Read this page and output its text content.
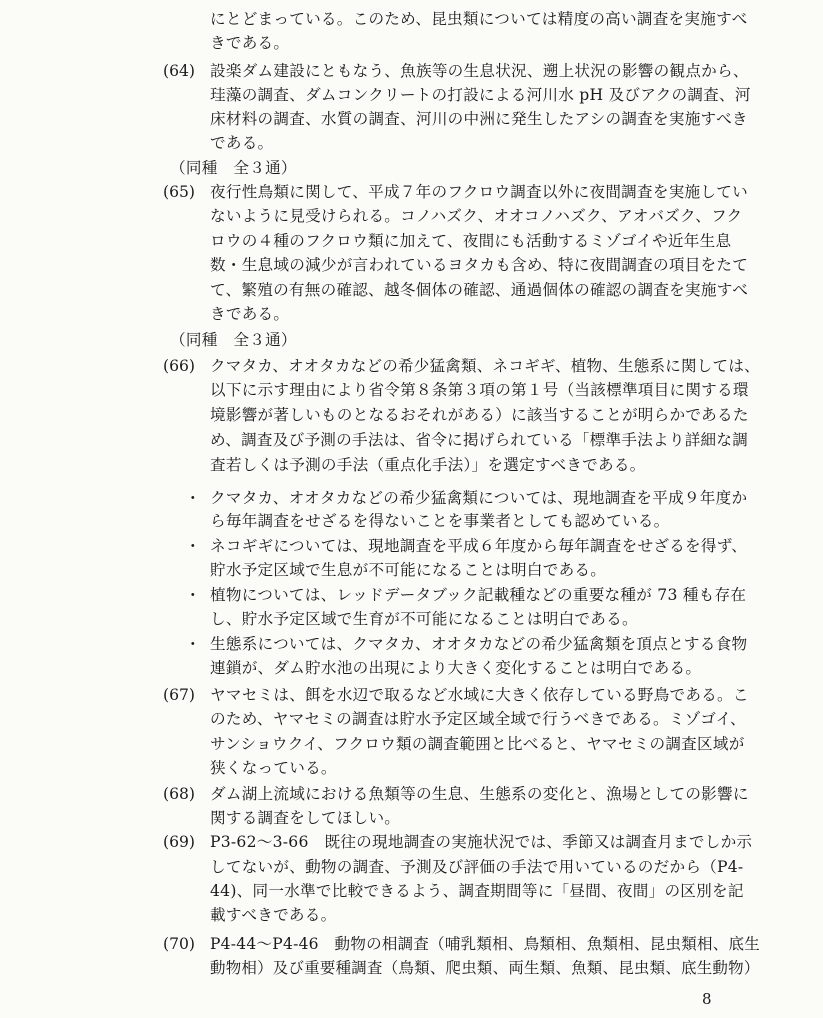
(64)
(65)
(66)
(67)
(68)
(69)
(70)
・
・
・
・
にとどまっている。このため、昆虫類については精度の高い調査を実施すべ
きである。
設楽ダム建設にともなう、魚族等の生息状況、遡上状況の影響の観点から、
珪藻の調査、ダムコンクリートの打設による河川水 pH 及びアクの調査、河
床材料の調査、水質の調査、河川の中洲に発生したアシの調査を実施すべき
である。
（同種　全３通）
夜行性鳥類に関して、平成７年のフクロウ調査以外に夜間調査を実施してい
ないように見受けられる。コノハズク、オオコノハズク、アオバズク、フク
ロウの４種のフクロウ類に加えて、夜間にも活動するミゾゴイや近年生息
数・生息域の減少が言われているヨタカも含め、特に夜間調査の項目をたて
て、繁殖の有無の確認、越冬個体の確認、通過個体の確認の調査を実施すべ
きである。
（同種　全３通）
クマタカ、オオタカなどの希少猛禽類、ネコギギ、植物、生態系に関しては、
以下に示す理由により省令第８条第３項の第１号（当該標準項目に関する環
境影響が著しいものとなるおそれがある）に該当することが明らかであるた
め、調査及び予測の手法は、省令に掲げられている「標準手法より詳細な調
査若しくは予測の手法（重点化手法）」を選定すべきである。
クマタカ、オオタカなどの希少猛禽類については、現地調査を平成９年度か
ら毎年調査をせざるを得ないことを事業者としても認めている。
ネコギギについては、現地調査を平成６年度から毎年調査をせざるを得ず、
貯水予定区域で生息が不可能になることは明白である。
植物については、レッドデータブック記載種などの重要な種が 73 種も存在
し、貯水予定区域で生育が不可能になることは明白である。
生態系については、クマタカ、オオタカなどの希少猛禽類を頂点とする食物
連鎖が、ダム貯水池の出現により大きく変化することは明白である。
ヤマセミは、餌を水辺で取るなど水域に大きく依存している野鳥である。こ
のため、ヤマセミの調査は貯水予定区域全域で行うべきである。ミゾゴイ、
サンショウクイ、フクロウ類の調査範囲と比べると、ヤマセミの調査区域が
狭くなっている。
ダム湖上流域における魚類等の生息、生態系の変化と、漁場としての影響に
関する調査をしてほしい。
P3-62～3-66　既往の現地調査の実施状況では、季節又は調査月までしか示
してないが、動物の調査、予測及び評価の手法で用いているのだから（P4-
44)、同一水準で比較できるよう、調査期間等に「昼間、夜間」の区別を記
載すべきである。
P4-44～P4-46　動物の相調査（哺乳類相、鳥類相、魚類相、昆虫類相、底生
動物相）及び重要種調査（鳥類、爬虫類、両生類、魚類、昆虫類、底生動物）
8
